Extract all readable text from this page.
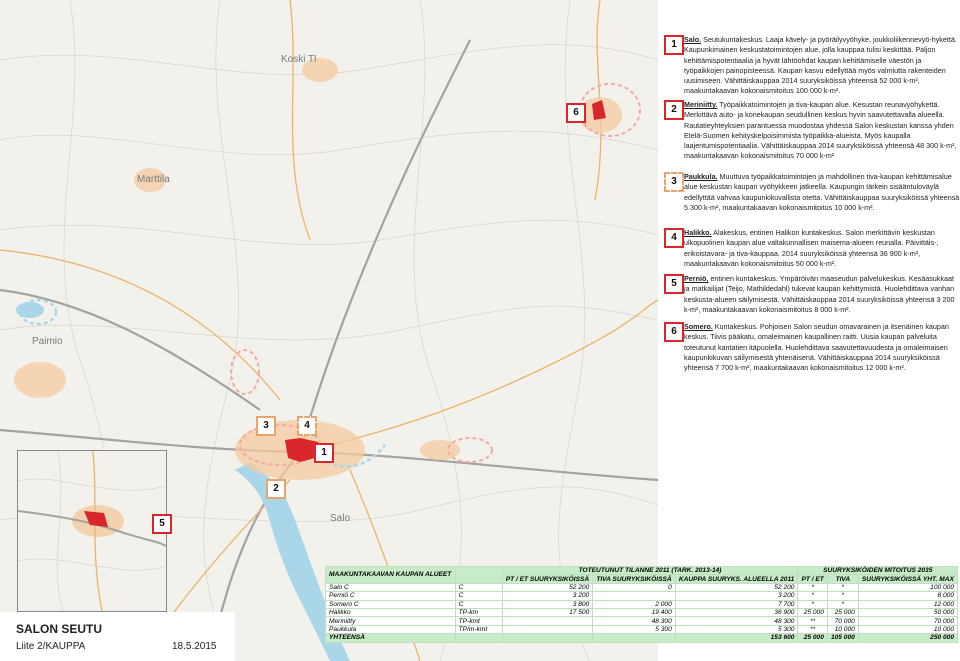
Koski Tl
Marttila
Paimio
Salo
1
2
3	4
6
5
SALON SEUTU
Liite 2/KAUPPA	18.5.2015
1	Salo. Seutukuntakeskus. Laaja kävely- ja pyöräilyvyöhyke, joukkoliikennevyö-hykettä. Kaupunkimainen keskustatoimintojen alue, jolla kauppaa tulisi keskittää. Paljon kehittämispotentiaalia ja hyvät lähtöohdat kaupan kehittämiselle väestön ja työpaikkojen painopisteessä. Kaupan kasvu edellyttää myös valmiutta rakenteiden uusimiseen. Vähittäiskauppaa 2014 suuryksiköissä yhteensä 52 000 k-m², maakuntakaavan kokonaismitoitus 100 000 k-m².
2	Meriniitty. Työpaikkatoimintojen ja tiva-kaupan alue. Kesustan reunavyöhykettä. Merkittävä auto- ja konekaupan seudullinen keskus hyvin saavutettavalla alueella. Rautatieyhteyksien parantuessa muodostaa yhdessä Salon keskustan kanssa yhden Etelä-Suomen kehityskelpoisimmista työpaikka-alueista. Myös kaupalla laajentumispotentiaalia. Vähittäiskauppaa 2014 suuryksiköissä yhteensä 48 300 k-m², maakuntakaavan kokonaismitoitus 70 000 k-m²
3	Paukkula. Muuttuva työpaikkatoimintojen ja mahdollinen tiva-kaupan kehittämisalue alue keskustan kaupan vyöhykkeen jatkeella. Kaupungin tärkein sisääntuloväylä edellyttää vahvaa kaupunkikuvallista otetta. Vähittäiskauppaa suuryksiköissä yhteensä 5 300 k-m², maakuntakaavan kokonaismitoitus 10 000 k-m².
4	Halikko. Alakeskus, entinen Halikon kuntakeskus. Salon merkittävin keskustan ulkopuolinen kaupan alue valtakunnallisen maisema-alueen reunalla. Päivittäis-, erikoistavara- ja tiva-kauppaa. 2014 suuryksiköissä yhteensä 36 900 k-m², maakuntakaavan kokonaismitoitus 50 000 k-m².
5	Perniö, entinen kuntakeskus. Ympäröivän maaseudun palvelukeskus. Kesäasukkaat ja matkailijat (Teijo, Mathildedahl) tukevat kaupan kehittymistä. Huolehdittava vanhan keskusta-alueen säilymisestä. Vähittäiskauppaa 2014 suuryksiköissä yhteensä 3 200 k-m², maakuntakaavan kokonaismitoitus 8 000 k-m².
6	Somero. Kuntakeskus. Pohjoisen Salon seudun omavarainen ja itsenäinen kaupan keskus. Tiivis pääkatu, omaleimainen kaupallinen raitti. Uusia kaupan palveluita toteutunut kantatien itäpuolella. Huolehdittava saavutettavuudesta ja omaleimaisen kaupunkikuvan säilymisestä yhtenäisenä. Vähittäiskauppaa 2014 suuryksiköissä yhteensä 7 700 k-m², maakuntakaavan kokonaismitoitus 12 000 k-m².
MAAKUNTAKAAVAN KAUPAN ALUEET		TOTEUTUNUT TILANNE 2011 (TARK. 2013-14)			SUURYKSIKÖIDEN MITOITUS 2035		
		PT / ET SUURYKSIKÖISSÄ	TIVA SUURYKSIKÖISSÄ	KAUPPA SUURYKS. ALUEELLA 2011	PT / ET	TIVA	SUURYKSIKÖISSÄ YHT. MAX
Salo C	C	52 200	0	52 200	*	*	100 000
Perniö C	C	3 200		3 200	*	*	8 000
Somero C	C	3 800	2 000	7 700	*	*	12 000
Halikko	TP-km	17 500	19 400	36 900	25 000	25 000	50 000
Meriniitty	TP-kmt		48 300	48 300	**	70 000	70 000
Paukkula	TP/m-kmt		5 300	5 300	**	10 000	10 000
YHTEENSÄ				153 600	25 000	105 000	250 000
